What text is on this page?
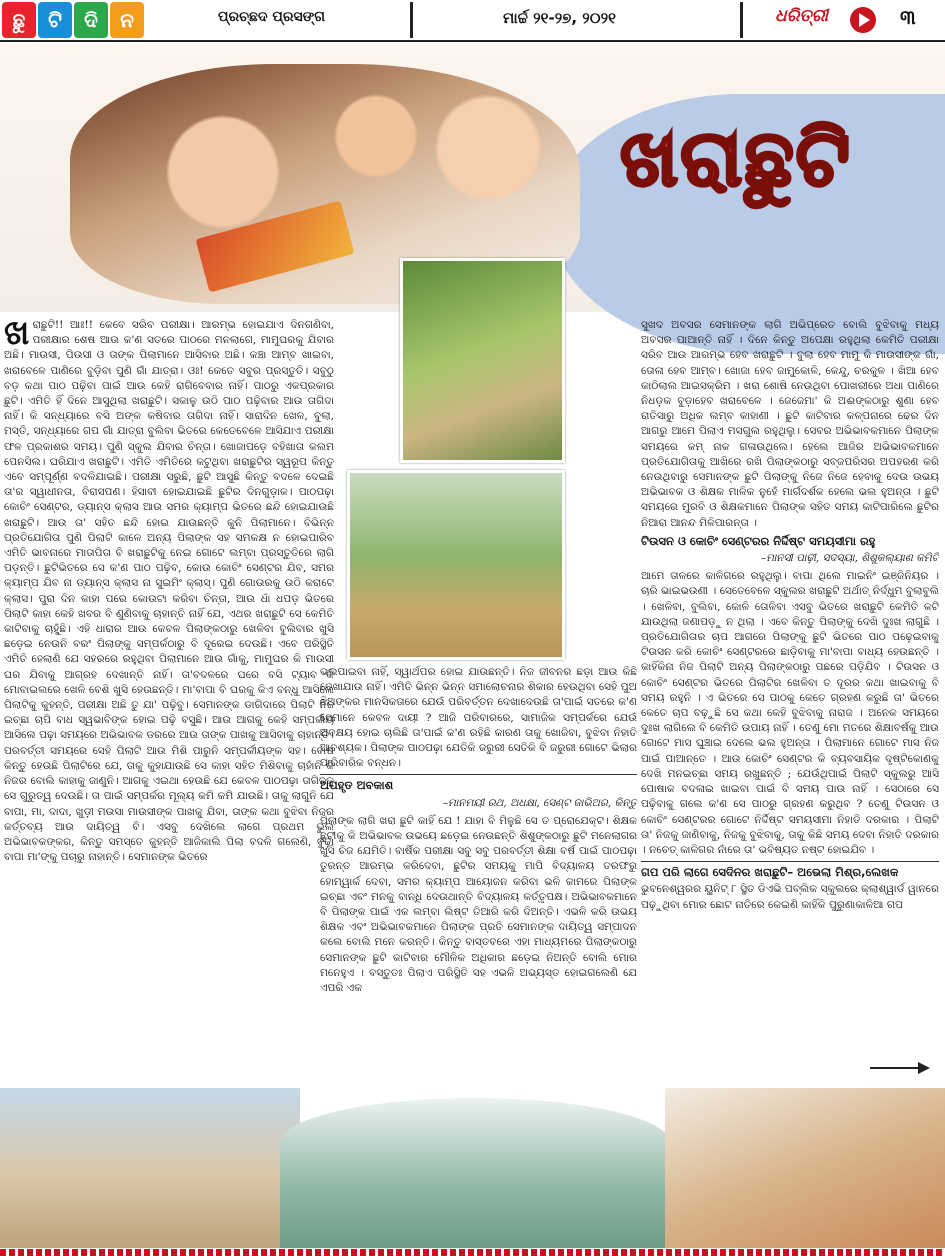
ଛୁ	ଟି	ଦି	ନ	ପ୍ରଚ୍ଛଦ ପ୍ରସଙ୍ଗ	ମାର୍ଚ୍ଚ ୨୧-୨୭, ୨୦୨୧	ଧରିତ୍ରୀ	୩
ଖରାଛୁଟି

ଖରାଛୁଟି!! ଆଃ!! କେବେ ସରିବ ପରୀକ୍ଷା। ଆରମ୍ଭ ହୋଇଯାଏ ଦିନଗଣିବା, ପରୀକ୍ଷାର ଶେଷ ଆଉ କ'ଣ ସତରେ ପାଠରେ ମନଲାଗେ, ମାମୁଘରକୁ ଯିବାର ଅଛି। ମାଉସୀ, ପିଉସୀ ଓ ତାଙ୍କ ପିଲାମାନେ ଆସିବାର ଅଛି। କଞ୍ଚା ଆମ୍ବ ଖାଇବା, ଖରାବେଳେ ପାଣିରେ ବୁଡ଼ିବା ପୁଣି ଗାଁ ଯାତ୍ରା। ଓଃ! କେତେ ସବୁର ପ୍ରସ୍ତୁତି। ସବୁଠୁ ବଡ଼ କଥା ପାଠ ପଢ଼ିବା ପାଇଁ ଆଉ କେହି ରାଗିବେବାର ନାହିଁ। ପାଠରୁ ଏକପ୍ରକାର ଛୁଟି। ଏମିତି ହିଁ ଦିନେ ଆସୁଥିଲା ଖରାଛୁଟି। ସକାଳୁ ଉଠି ପାଠ ପଢ଼ିବାର ଆଉ ତାଗିଦା ନାହିଁ। କି ସନ୍ଧ୍ୟାରେ ବସି ଅଙ୍କ କଷିବାର ତାଗିଦା ନାହିଁ। ସାରାଦିନ ଖେଳ, ବୁଲା, ମସ୍ତି, ସନ୍ଧ୍ୟାରେ ଗପ ଗାଁ ଯାତ୍ରା ବୁଲିବା ଭିତରେ କେତେବେଳେ ଆସିଯାଏ ପରୀକ୍ଷା ଫଳ ପ୍ରକାଶର ସମୟ। ପୁଣି ସ୍କୁଲ ଯିବାର ଚିନ୍ତା। ଖୋଜାପଡ଼େ ବହିଖାତା କଲମ ପେନସିଲ। ଘରିଯାଏ ଖରାଛୁଟି। ଏମିତି ଏମିତିରେ କଟୁଥିବା ଖରାଛୁଟିର ସ୍ୱରୂପ କିନ୍ତୁ ଏବେ ସମ୍ପୂର୍ଣ୍ଣ ବଦଳିଯାଇଛି। ପରୀକ୍ଷା ସରୁଛି, ଛୁଟି ଆସୁଛି କିନ୍ତୁ ବଦଳେ ଦେଇଛି ତା'ର ସ୍ୱାଧୀନତା, ବିରାସପଣ। ହିସାବୀ ହୋଇଯାଇଛି ଛୁଟିର ଦିନଗୁଡ଼ାକ। ପାଠପଢ଼ା କୋଚିଂ ସେଣ୍ଟର, ଡ୍ୟାନ୍ସ କ୍ଲାସ ଆଉ ସମର କ୍ୟାମ୍ପ ଭିତରେ ଛନ୍ଦି ହୋଇଯାଉଛି ଖରାଛୁଟି। ଆଉ ତା' ସହିତ ଛନ୍ଦି ହୋଇ ଯାଉଛନ୍ତି କୁନି ପିଲାମାନେ। ବିଭିନ୍ନ ପ୍ରତିଯୋଗିତା ପୁଣି ପିଲାଟି କାଳେ ଅନ୍ୟ ପିଲାଙ୍କ ସହ ସମକକ୍ଷ ନ ହୋଇପାରିବ ଏମିତି ଭାବନାରେ ମାତାପିତା ବି ଖରାଛୁଟିକୁ ନେଇ ଗୋଟେ ଲମ୍ବା ପ୍ରସ୍ତୁତିରେ ଲାଗି ପଡ଼ନ୍ତି। ଛୁଟିଭିତରେ ସେ କ'ଣ ପାଠ ପଢ଼ିବ, କୋଉ କୋଚିଂ ସେଣ୍ଟର ଯିବ, ସମର କ୍ୟାମ୍ପ ଯିବ ନା ଡ୍ୟାନ୍ସ କ୍ଲାସ ନା ସୁଇମିଂ କ୍ଲାସ୍। ପୁଣି ଗୋଉରକୁ ଉଠି କରାଟେ କ୍ଲାସ। ପୁରା ଦିନ କାହା ପରେ କୋଉଟା କରିବା ଚିନ୍ତା, ଆଉ ଧାଁ ଧପଡ଼ ଭିତରେ ପିଲାଟି କାହା କେହି ଖବର ବି ଣୁଣିବାକୁ ଚାହାନ୍ତି ନାହିଁ ଯେ, ଏଥର ଖରାଛୁଟି ସେ କେମିତି କାଟିବାକୁ ଚାହୁଁଛି। ଏହି ଧାରାର ଆଉ କେବଳ ପିଲାଙ୍କଠାରୁ ଖେଳିବା ବୁଲିବାର ଖୁସି ଛଡ଼େଇ ନେଉନି ବରଂ ପିଲାଙ୍କୁ ସମ୍ପର୍କଠାରୁ ବି ଦୂରେଇ ଦେଉଛି। ଏବେ ପରିସ୍ଥିତି ଏମିତି ହେଲାଣି ଯେ ସହରରେ ରହୁଥିବା ପିଲାମାନେ ଆଉ ଗାଁକୁ, ମାମୁଘର କି ମାଉସୀ ଘର ଯିବାକୁ ଆଗ୍ରହ ଦେଖାନ୍ତି ନାହିଁ। ତା'ବଦଳରେ ଘରେ ବସି ଟ୍ୟାବ କି ମୋବାଇଲରେ ଖେଳି ବେଶି ଖୁସି ହେଉଛନ୍ତି। ମା'ବାପା ବି ଘରକୁ କିଏ ବନ୍ଧୁ ଆସିଲେ ପିଲାଟିକୁ କୁହନ୍ତି, ପରୀକ୍ଷା ଅଛି ତୁ ଯା' ପଢ଼ିବୁ। ସେମାନଙ୍କ ଡାଗିଦାରେ ପିଲାଟି ନିଜ ଇଚ୍ଛା ଚାପି ବାଧ ସ୍ୱଭାବିଙ୍କ ହୋଇ ପଢ଼ି ବସୁଛି। ଆଉ ଆଗକୁ କେହି ସମ୍ପର୍କୀୟ ଆସିଲେ ପଢ଼ା ସମୟରେ ଅଭିଭାବକ ଡରରେ ଆଉ ତାଙ୍କ ପାଖକୁ ଆସିବାକୁ ଚାହାନ୍ତି। ପରବର୍ତ୍ତୀ ସମୟରେ ସେହି ପିଲାଟି ଆଉ ମିଶି ପାରୁନି ସମ୍ପର୍କୀୟଙ୍କ ସହ। ବୋଷ କିନ୍ତୁ ହେଉଛି ପିଲାଟିରେ ଯେ, ତାକୁ କୁହାଯାଉଛି ସେ କାହା ସହିତ ମିଶିବାକୁ ଚାହାଁନି କି ନିଜର ବୋଲି କାହାକୁ ଜାଣୁନି। ଆଗକୁ ଏଇଥା ହେଉଛି ଯେ କେବଳ ପାଠପଢ଼ା ତାଗିଦକୁ ସେ ଗୁରୁତ୍ୱ ଦେଉଛି। ତା ପାଇଁ ସମ୍ପର୍କର ମୂଲ୍ୟ କମି କମି ଯାଉଛି। ତାକୁ ଲାଗୁନି ଯେ ବାପା, ମା, ଦାଦା, ଖୁଡ଼ୀ ମଉସା ମାଉସୀଙ୍କ ପାଖକୁ ଯିବା, ତାଙ୍କ କଥା ବୁଝିବା ନିଜର କର୍ତ୍ତବ୍ୟ ଆଉ ଦାୟିତ୍ୱ ବି। ଏସବୁ ଦେଖିଲେ ଲାଗେ ପ୍ରଥମ ଭୁଲ ଅଭିଭାବକଙ୍କର, କିନ୍ତୁ ସମସ୍ତେ କୁହନ୍ତି ଆଜିକାଲି ପିଲା ବଦଳି ଗଲେଣି, ବୁଢ଼ା ବାପା ମା'ଙ୍କୁ ପଚାରୁ ନାହାନ୍ତି। ସେମାନଙ୍କ ଭିତରେ

ଭଲପାଇବା ନାହିଁ, ସ୍ୱାର୍ଥପର ହୋଇ ଯାଉଛନ୍ତି। ନିଜ ଜୀବନର ଛଡ଼ା ଆଉ କିଛି ଦେଖାଯାଉ ନାହିଁ। ଏମିତି ଭିନ୍ନ ଭିନ୍ନ ସମାଲୋଚନାର ଶିକାର ହେଉଥିବା ସେହି ପୁଅ ଝିଅଙ୍କର ମାନସିକତାରେ ଯେଉଁ ପରିବର୍ତ୍ତନ ଦେଖାଦେଉଛି ତା'ପାଇଁ ସତରେ କ'ଣ ସେମାନେ କେବଳ ଦାୟୀ ? ଆଜି ପରିବାରରେ, ସାମାଜିକ ସମ୍ପର୍କରେ ଯେଉଁ ଅବକ୍ଷୟ ହୋଇ ଚାଲିଛି ତା'ପାଇଁ କ'ଣ ରହିଛି କାରଣ ତାକୁ ଖୋଜିବା, ବୁଝିବା ନିହାତି ଆବଶ୍ୟକ। ପିଲାଙ୍କ ପାଠପଢ଼ା ଯେତିକି ଜରୁରୀ ସେତିକି ବି ଜରୁରୀ ଗୋଟେ ଭିଲାର ପାରିବାରିକ ବନ୍ଧନ।

ଅପହୃତ ଅବକାଶ
–ମାନମୟୀ ରଥ, ଅଧକ୍ଷା, ସେଣ୍ଟ ଜାଭିଅର, କିନ୍ତୁ

ପିଲାଙ୍କ ଲାଗି ଖରା ଛୁଟି କାହିଁ ଯେ ! ଯାହା ବି ମିଳୁଛି ସେ ତ ପ୍ରୋଯେକ୍ଟ। ଶିକ୍ଷକ ଛୁଟୀକୁ କି ଅଭିଭାବକ ଉଭୟେ ଛଡ଼େଇ ନେଉଛନ୍ତି ଶିଶୁଙ୍କଠାରୁ ଛୁଟି ମନେଲାଗର ଖୁସି ଚିଜ ଯେମିତି। ବାର୍ଷିକ ପରୀକ୍ଷା ସବୁ ସବୁ ପରବର୍ତ୍ତୀ ଶିକ୍ଷା ବର୍ଷ ପାଇଁ ପାଠପଢ଼ା ତୁରନ୍ତ ଆରମ୍ଭ କରିଦେବା, ଛୁଟିର ସମୟକୁ ମାପି ବିଦ୍ୟାଳୟ ତରଫରୁ ହୋମ୍ୱାର୍କ ଦେବା, ସମର କ୍ୟାମ୍ପ ଆୟୋଜନ କରିବା ଭଳି କାମରେ ପିଲାଙ୍କ ଇଚ୍ଛା ଏବଂ ମନକୁ ବାନ୍ଧି ଦେଉଥାନ୍ତି ବିଦ୍ୟାଳୟ କର୍ତ୍ତୃପକ୍ଷ। ଅଭିଭାବକମାନେ ବି ପିଲାଙ୍କ ପାଇଁ ଏକ ଲମ୍ବା ଲିଷ୍ଟ ତିଆରି କରି ଦିଅନ୍ତି। ଏଭଳି କରି ଉଭୟ ଶିକ୍ଷକ ଏବଂ ଅଭିଭାବକମାନେ ପିଲାଙ୍କ ପ୍ରତି ସେମାନଙ୍କ ଦାୟିତ୍ୱ ସମ୍ପାଦନ କଲେ ବୋଲି ମନେ କରନ୍ତି। କିନ୍ତୁ ବାସ୍ତବରେ ଏହା ମାଧ୍ୟମରେ ପିଲାଙ୍କଠାରୁ ସେମାନଙ୍କ ଛୁଟି କାଟିବାର ମୌଳିକ ଅଧିକାର ଛଡ଼େଇ ନିଅନ୍ତି ବୋଲି ମୋର ମନେହୁଏ । ବସ୍ତୁତଃ ପିଲାଏ ପରିସ୍ଥିତି ସହ ଏଭଳି ଅଭ୍ୟସ୍ତ ହୋଇଗଲେଣି ଯେ ଏପରି ଏକ

ସୁଖଦ ଅବସର ସେମାନଙ୍କ ଲାଗି ଅଭିପ୍ରେତ ବୋଲି ବୁଝିବାକୁ ମଧ୍ୟ ଅବସର ପାଆନ୍ତି ନାହିଁ । ଦିନେ କିନ୍ତୁ ଅପେକ୍ଷା ରହୁଥିଲା କେମିତି ପରୀକ୍ଷା ସରିବ ଆଉ ଆରମ୍ଭ ହେବ ଖରାଛୁଟି । ବୁଲା ହେବ ମାମୁ କି ମାଉସୀଙ୍କ ଗାଁ, ତୋଳା ହେବ ଆମ୍ବ। ଖୋଜା ହେବ ଜାମୁକୋଳି, କେନ୍ଦୁ, ଚରକୁଳ । ଖିଆ ହେବ କାଠିଲାଲ ଆଇସକ୍ରିମ । ଖରା ଶୋଷି ନେଉଥିବା ପୋଖରୀରେ ଅଧା ପାଣିରେ ନିଧଡ଼କ ବୁଡ଼ାହେବ ଖରାବେଳେ । ଜେଜେମା' କି ଅଈଙ୍କଠାରୁ ଶୁଣା ହେବ ରାତିସାରୁ ଅଧିକ ଲମ୍ବ କାହାଣୀ । ଛୁଟି କାଟିବାର କଳ୍ପନାରେ ଢେର ଦିନ ଆଗରୁ ଆମେ ପିଲାଏ ମସଗୁଲ ରହୁଥିଲୁ। ସେବର ଅଭିଭାବକମାନେ ପିଲାଙ୍କ ସମୟରେ କମ୍ ନାକ ଗଳାଉଥିଲେ। ହେଲେ ଆଜିର ଅଭିଭାବକମାନେ ପ୍ରତିଯୋଗିତାକୁ ଆଖିରେ ରଖି ପିଲାଙ୍କଠାରୁ ସବ୍ଜପରିସର ଅପହରଣ କରି ନେଉଥିବାରୁ ସେମାନଙ୍କ ଛୁଟି ପିଲାଙ୍କୁ ନିଜେ ନିଜେ ହେବାକୁ ଦେଉ ଉଭୟ ଅଭିଭାବକ ଓ ଶିକ୍ଷକ ମାଳିକ ନୁହେଁ ମାର୍ଗଦର୍ଶକ ହେଲେ ଭଲ ହୁଅନ୍ତା । ଛୁଟି ସମୟରେ ମୁରବି ଓ ଶିକ୍ଷକମାନେ ପିଲାଙ୍କ ସହିତ ସମୟ କାଟିପାରିଲେ ଛୁଟିର ନିଆରା ଆନନ୍ଦ ମିଳିପାରନ୍ତା ।

ଟିଉସନ ଓ କୋଚିଂ ସେଣ୍ଟରର ନିର୍ଦ୍ଦିଷ୍ଟ ସମୟସୀମା ରହୁ
–ମାନସୀ ପାଢ଼ୀ, ସଦସ୍ୟା, ଶିଶୁକଲ୍ୟାଣ କମିଟି

ଆମେ ତାଳରେ କାଳିଗରେ ରହୁଥିଲୁ। ବାପା ଥିଲେ ମାଇନିଂ ଇଞ୍ଜିନିୟର । ଚାରି ଭାଇଭଉଣୀ । ସେତେବେଳେ ସ୍କୁଲର ଖରାଛୁଟି ଅର୍ଥାତ୍ ନିର୍ଦ୍ଧୁମ ବୁଲାବୁଲି । ଖେଳିବା, ବୁଲିବା, କୋଳି ତୋଳିବା ଏସବୁ ଭିତରେ ଖରାଛୁଟି କେମିତି କଟି ଯାଉଥିଲା ଜଣାପଡ଼ୁ ନ ଥିଲା । ଏବେ କିନ୍ତୁ ପିଲାଙ୍କୁ ଦେଖି ଦୁଃଖ ଲାଗୁଛି । ପ୍ରତିଯୋଗିତାର ଚାପ ଆଗରେ ପିଲାଙ୍କୁ ଛୁଟି ଭିତରେ ପାଠ ପଢ଼େଇବାକୁ ଟିଉସନ କରି କୋଚିଂ ସେଣ୍ଟରରେ ଛାଡ଼ିବାକୁ ମା'ବାପା ବାଧ୍ୟ ହେଉଛନ୍ତି । କାହିଁକିନା ନିଜ ପିଲାଟି ଅନ୍ୟ ପିଲାଙ୍କଠାରୁ ପଛରେ ପଡ଼ିଯିବ । ଟିଉସନ ଓ କୋଚିଂ ସେଣ୍ଟର ଭିତରେ ପିଲାଟିର ଖେଳିବା ତ ଦୂରର କଥା ଖାଇବାକୁ ବି ସମୟ ରହୁନି । ଏ ଭିତରେ ସେ ପାଠକୁ କେତେ ଗ୍ରହଣ କରୁଛି ତା' ଭିତରେ କେତେ ଚାପ ବଢ଼ୁଛି ସେ କଥା କେହି ବୁଝିବାକୁ ନାରାଜ । ଅନେକ ସମୟରେ ଦୁଃଖ ଲାଗିଲେ ବି କେମିତି ଉପାୟ ନାହିଁ । ତେଣୁ ମୋ ମତରେ ଶିକ୍ଷାବର୍ଷକୁ ଆଉ ଗୋଟେ ମାସ ଘୁଞ୍ଚାଇ ଦେଲେ ଭଲ ହୁଅନ୍ତା । ପିଲାମାନେ ଗୋଟେ ମାସ ନିଜ ପାଇଁ ପାଆନ୍ତେ । ଆଉ କୋଚିଂ ସେଣ୍ଟର କି ବ୍ୟବସାୟିକ ଦୃଷ୍ଟିକୋଣକୁ ଦେଖି ମନଇଚ୍ଛା ସମୟ ରଖୁଛନ୍ତି ; ଯେଉଁଥିପାଇଁ ପିଲାଟି ସ୍କୁଲରୁ ଆସି ପୋଷାକ ବଦଳାଇ ଖାଇବା ପାଇଁ ବି ସମୟ ପାଉ ନାହିଁ । ସେଠାରେ ସେ ପଢ଼ିବାକୁ ଗଲେ କ'ଣ ସେ ପାଠରୁ ଗ୍ରହଣ କରୁଥିବ ? ତେଣୁ ଟିଉସନ ଓ କୋଚିଂ ସେଣ୍ଟରର ଗୋଟେ ନିର୍ଦ୍ଦିଷ୍ଟ ସମୟସୀମା ନିହାତି ଦରକାର । ପିଲାଟି ତା' ନିଜକୁ ଜାଣିବାକୁ, ନିଜକୁ ବୁଝିବାକୁ, ତାକୁ କିଛି ସମୟ ଦେବା ନିହାତି ଦରକାର । ନଚେତ୍ କାଳିଗର ନାଁରେ ତା' ଭବିଷ୍ୟତ ନଷ୍ଟ ହୋଇଯିବ ।

ଗପ ପରି ଲାଗେ ସେଦିନର ଖରାଛୁଟି– ଅଭେଲା ମିଶ୍ର,ଲେଖକ

ଭୁବନେଶ୍ୱରର ୟୁନିଟ୍ ୮ ସ୍ଥିତ ଡିଏଭି ପବ୍ଲିକ ସ୍କୁଲରେ କ୍ଲାଶ୍ୱାର୍ଡ ୱାନରେ ପଢ଼ୁଥିବା ମୋର ଛୋଟ ନାତିରେ କେଇଣି କାହିଁକି ପୁରୁଣାକାଳିଆ ଗପ
